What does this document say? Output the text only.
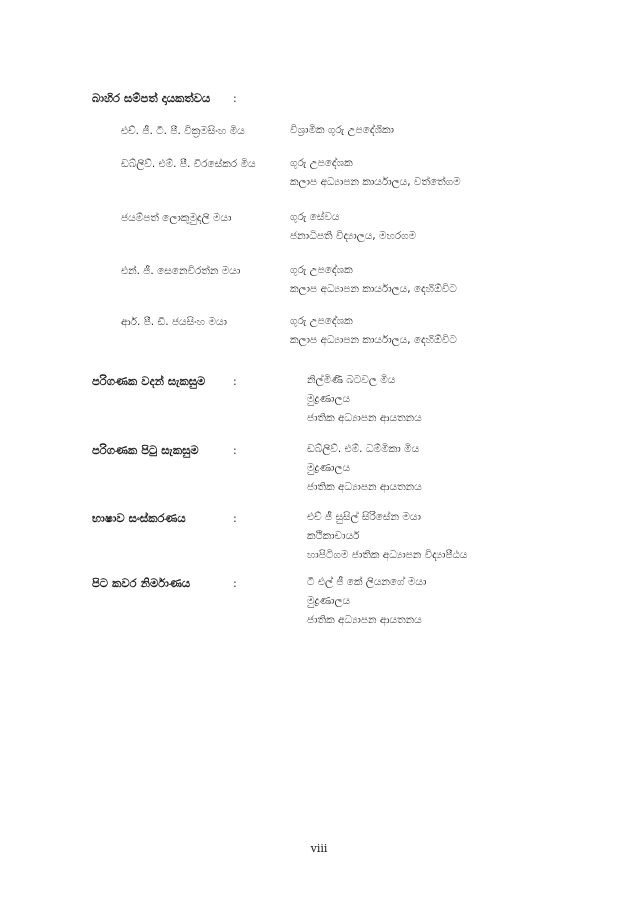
බාහිර සම්පත් දායකත්වය :
එච්. ජී. ටී. පී. වික්‍රමසිංහ මිය	විශ්‍රාමික ගුරු උපදේශිකා
ඩබ්ලිව්. එම්. පී. වීරසේකර මිය	ගුරු උපදේශක
කලාප අධ්‍යාපන කාර්යාලය, වත්තේගම
ජයම්පත් ලොකුමුදලි මයා	ගුරු සේවය
ජනාධිපති විද්‍යාලය, මහරගම
එන්. ජී. සෙනෙවිරත්න මයා	ගුරු උපදේශක
කලාප අධ්‍යාපන කාර්යාලය, දෙහිඕවිට
ආර්. පී. ඩී. ජයසිංහ මයා	ගුරු උපදේශක
කලාප අධ්‍යාපන කාර්යාලය, දෙහිඕවිට
පරිගණක වදන් සැකසුම	:	නිල්මිණී බටවල මිය
මුද්‍රණාලය
ජාතික අධ්‍යාපන ආයතනය
පරිගණක පිටු සැකසුම	:	ඩබ්ලිව්. එම්. ධම්මිකා මිය
මුද්‍රණාලය
ජාතික අධ්‍යාපන ආයතනය
භාෂාව සංස්කරණය	:	එච් ජී සුසිල් සිරිසේන මයා
කථිකාචාර්ය
හාපිටිගම ජාතික අධ්‍යාපන විද්‍යාපීඨය
පිට කවර නිර්මාණය	:	ටී එල් ජී කේ ලියනගේ මයා
මුද්‍රණාලය
ජාතික අධ්‍යාපන ආයතනය
viii
